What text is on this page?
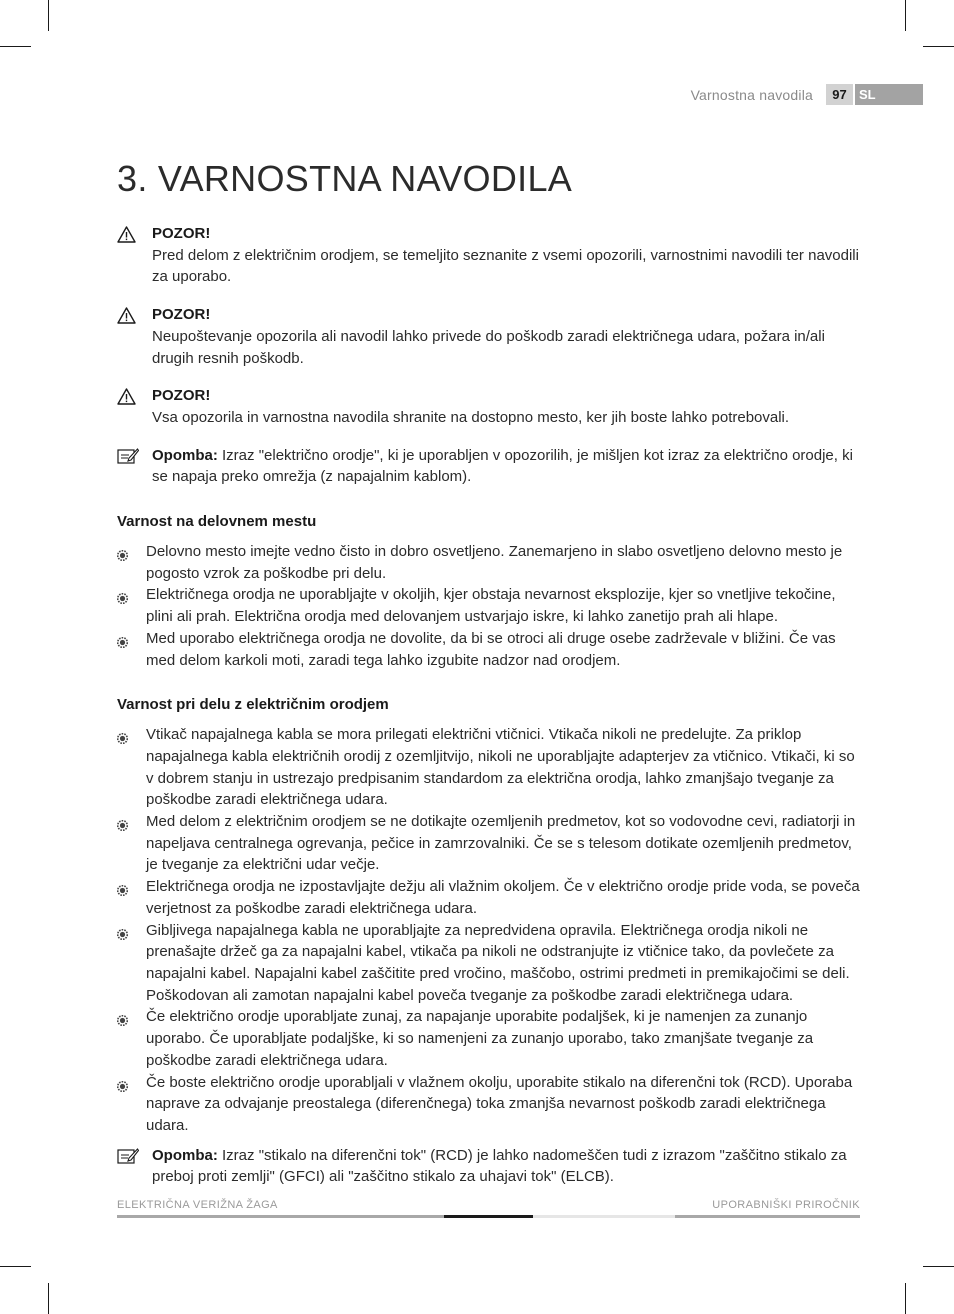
Varnostna navodila	97 SL
3. VARNOSTNA NAVODILA
POZOR!
Pred delom z električnim orodjem, se temeljito seznanite z vsemi opozorili, varnostnimi navodili ter navodili za uporabo.
POZOR!
Neupoštevanje opozorila ali navodil lahko privede do poškodb zaradi električnega udara, požara in/ali drugih resnih poškodb.
POZOR!
Vsa opozorila in varnostna navodila shranite na dostopno mesto, ker jih boste lahko potrebovali.
Opomba: Izraz "električno orodje", ki je uporabljen v opozorilih, je mišljen kot izraz za električno orodje, ki se napaja preko omrežja (z napajalnim kablom).
Varnost na delovnem mestu
Delovno mesto imejte vedno čisto in dobro osvetljeno. Zanemarjeno in slabo osvetljeno delovno mesto je pogosto vzrok za poškodbe pri delu.
Električnega orodja ne uporabljajte v okoljih, kjer obstaja nevarnost eksplozije, kjer so vnetljive tekočine, plini ali prah. Električna orodja med delovanjem ustvarjajo iskre, ki lahko zanetijo prah ali hlape.
Med uporabo električnega orodja ne dovolite, da bi se otroci ali druge osebe zadrževale v bližini. Če vas med delom karkoli moti, zaradi tega lahko izgubite nadzor nad orodjem.
Varnost pri delu z električnim orodjem
Vtikač napajalnega kabla se mora prilegati električni vtičnici. Vtikača nikoli ne predelujte. Za priklop napajalnega kabla električnih orodij z ozemljitvijo, nikoli ne uporabljajte adapterjev za vtičnico. Vtikači, ki so v dobrem stanju in ustrezajo predpisanim standardom za električna orodja, lahko zmanjšajo tveganje za poškodbe zaradi električnega udara.
Med delom z električnim orodjem se ne dotikajte ozemljenih predmetov, kot so vodovodne cevi, radiatorji in napeljava centralnega ogrevanja, pečice in zamrzovalniki. Če se s telesom dotikate ozemljenih predmetov, je tveganje za električni udar večje.
Električnega orodja ne izpostavljajte dežju ali vlažnim okoljem. Če v električno orodje pride voda, se poveča verjetnost za poškodbe zaradi električnega udara.
Gibljivega napajalnega kabla ne uporabljajte za nepredvidena opravila. Električnega orodja nikoli ne prenašajte držeč ga za napajalni kabel, vtikača pa nikoli ne odstranjujte iz vtičnice tako, da povlečete za napajalni kabel. Napajalni kabel zaščitite pred vročino, maščobo, ostrimi predmeti in premikajočimi se deli. Poškodovan ali zamotan napajalni kabel poveča tveganje za poškodbe zaradi električnega udara.
Če električno orodje uporabljate zunaj, za napajanje uporabite podaljšek, ki je namenjen za zunanjo uporabo. Če uporabljate podaljške, ki so namenjeni za zunanjo uporabo, tako zmanjšate tveganje za poškodbe zaradi električnega udara.
Če boste električno orodje uporabljali v vlažnem okolju, uporabite stikalo na diferenčni tok (RCD). Uporaba naprave za odvajanje preostalega (diferenčnega) toka zmanjša nevarnost poškodb zaradi električnega udara.
Opomba: Izraz "stikalo na diferenčni tok" (RCD) je lahko nadomeščen tudi z izrazom "zaščitno stikalo za preboj proti zemlji" (GFCI) ali "zaščitno stikalo za uhajavi tok" (ELCB).
ELEKTRIČNA VERIŽNA ŽAGA	UPORABNIŠKI PRIROČNIK
